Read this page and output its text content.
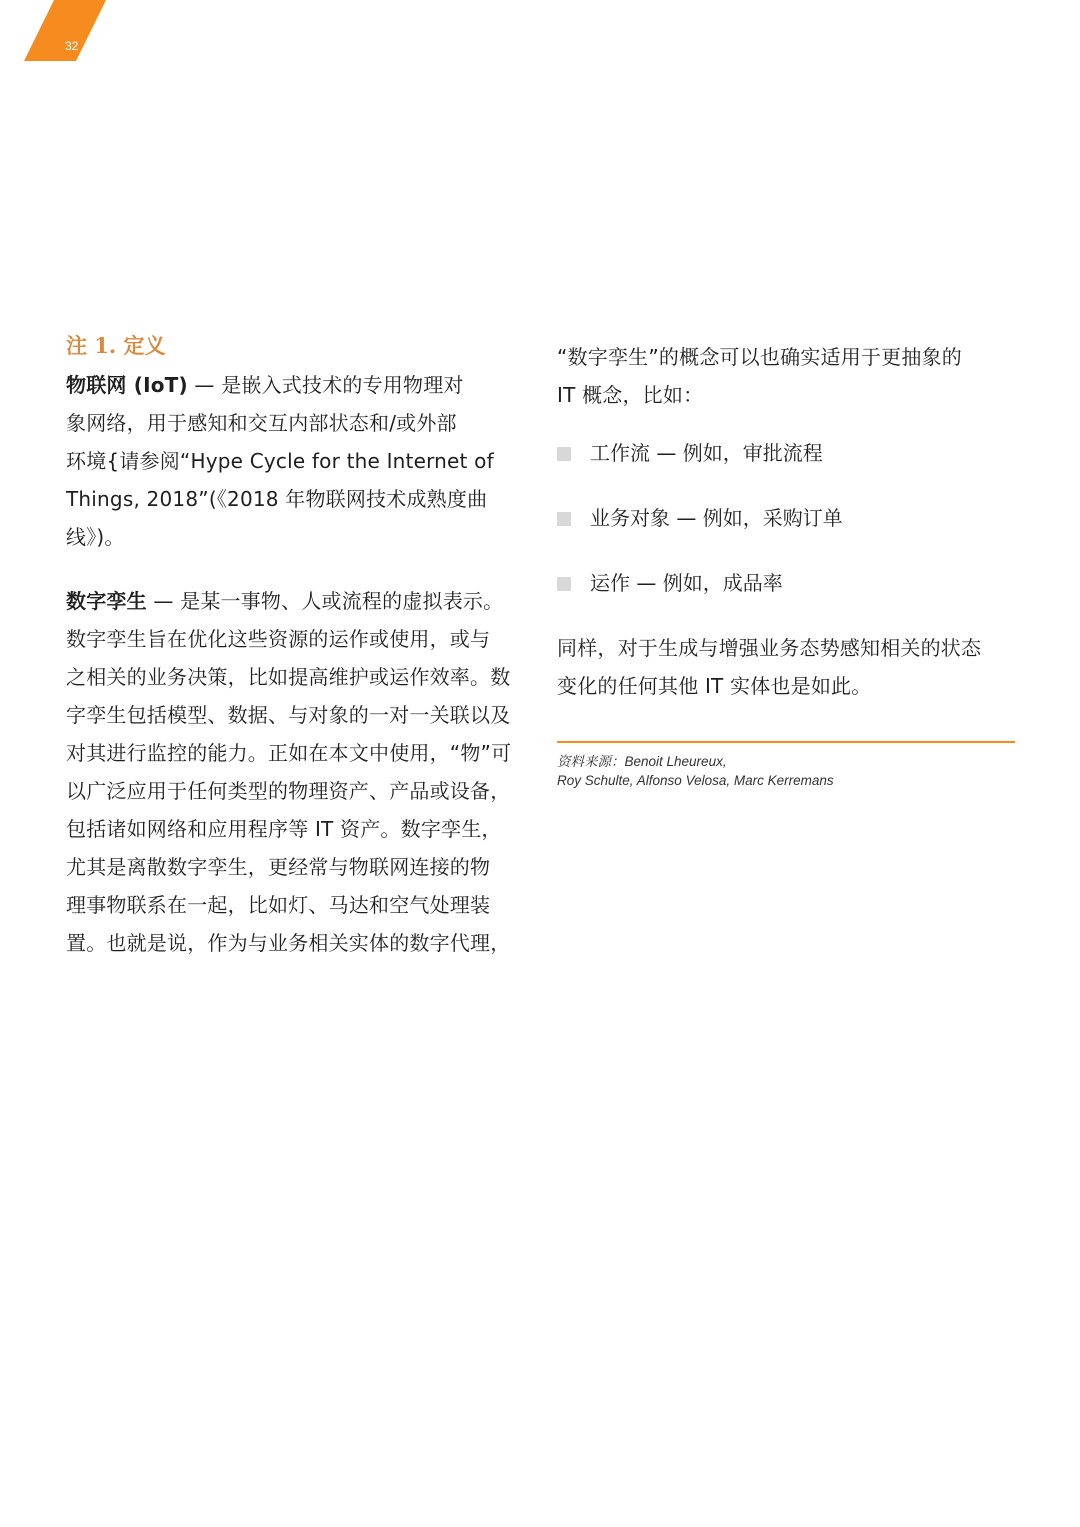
32
注 1. 定义

物联网 (IoT) — 是嵌入式技术的专用物理对
象网络，用于感知和交互内部状态和/或外部
环境{请参阅“Hype Cycle for the Internet of
Things, 2018”(《2018 年物联网技术成熟度曲
线》)。

数字孪生 — 是某一事物、人或流程的虚拟表示。
数字孪生旨在优化这些资源的运作或使用，或与
之相关的业务决策，比如提高维护或运作效率。数
字孪生包括模型、数据、与对象的一对一关联以及
对其进行监控的能力。正如在本文中使用，“物”可
以广泛应用于任何类型的物理资产、产品或设备，
包括诸如网络和应用程序等 IT 资产。数字孪生，
尤其是离散数字孪生，更经常与物联网连接的物
理事物联系在一起，比如灯、马达和空气处理装
置。也就是说，作为与业务相关实体的数字代理，

“数字孪生”的概念可以也确实适用于更抽象的
IT 概念，比如：

工作流 — 例如，审批流程
业务对象 — 例如，采购订单
运作 — 例如，成品率

同样，对于生成与增强业务态势感知相关的状态
变化的任何其他 IT 实体也是如此。

资料来源：Benoit Lheureux,
Roy Schulte, Alfonso Velosa, Marc Kerremans
